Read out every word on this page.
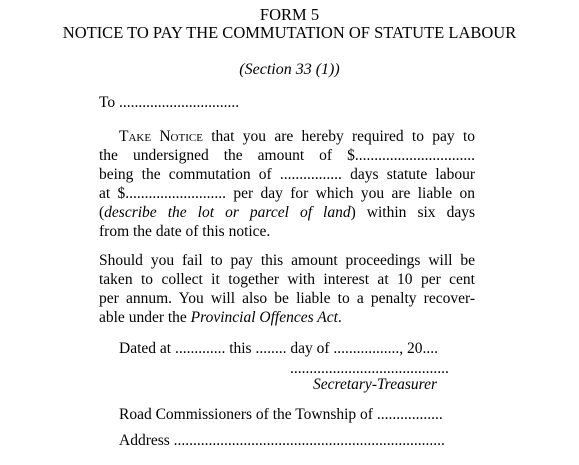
FORM 5
NOTICE TO PAY THE COMMUTATION OF STATUTE LABOUR
(Section 33 (1))
To ...............................
Take Notice that you are hereby required to pay to
the undersigned the amount of $...............................
being the commutation of ................ days statute labour
at $.......................... per day for which you are liable on
(describe the lot or parcel of land) within six days
from the date of this notice.
Should you fail to pay this amount proceedings will be
taken to collect it together with interest at 10 per cent
per annum. You will also be liable to a penalty recover-
able under the Provincial Offences Act.
Dated at ............. this ........ day of ................., 20....
.........................................
Secretary-Treasurer
Road Commissioners of the Township of .................
Address ......................................................................
